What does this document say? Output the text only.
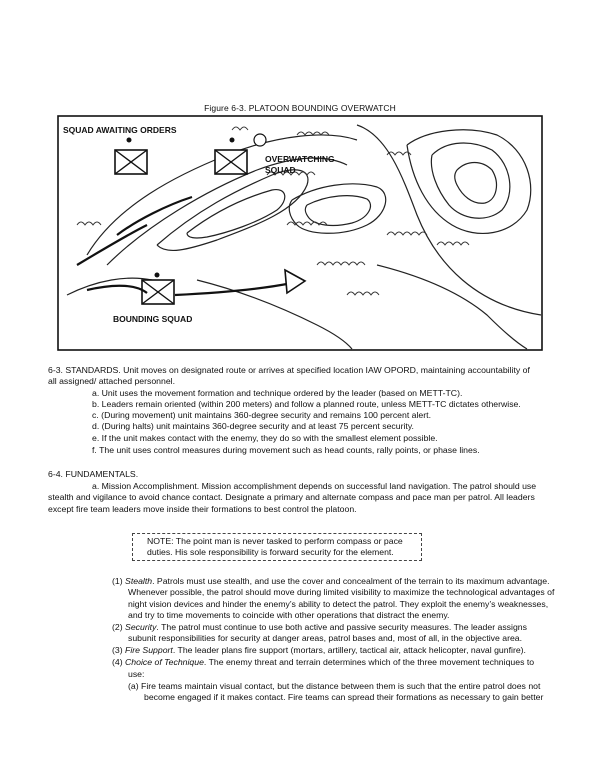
Figure 6-3. PLATOON BOUNDING OVERWATCH
SQUAD AWAITING ORDERS
OVERWATCHING
SQUAD
BOUNDING SQUAD
6-3. STANDARDS. Unit moves on designated route or arrives at specified location IAW OPORD, maintaining accountability of
all assigned/ attached personnel.
a. Unit uses the movement formation and technique ordered by the leader (based on METT-TC).
b. Leaders remain oriented (within 200 meters) and follow a planned route, unless METT-TC dictates otherwise.
c. (During movement) unit maintains 360-degree security and remains 100 percent alert.
d. (During halts) unit maintains 360-degree security and at least 75 percent security.
e. If the unit makes contact with the enemy, they do so with the smallest element possible.
f. The unit uses control measures during movement such as head counts, rally points, or phase lines.
6-4. FUNDAMENTALS.
a. Mission Accomplishment. Mission accomplishment depends on successful land navigation. The patrol should use
stealth and vigilance to avoid chance contact. Designate a primary and alternate compass and pace man per patrol. All leaders
except fire team leaders move inside their formations to best control the platoon.
NOTE: The point man is never tasked to perform compass or pace
duties. His sole responsibility is forward security for the element.
(1) Stealth. Patrols must use stealth, and use the cover and concealment of the terrain to its maximum advantage.
Whenever possible, the patrol should move during limited visibility to maximize the technological advantages of
night vision devices and hinder the enemy’s ability to detect the patrol. They exploit the enemy’s weaknesses,
and try to time movements to coincide with other operations that distract the enemy.
(2) Security. The patrol must continue to use both active and passive security measures. The leader assigns
subunit responsibilities for security at danger areas, patrol bases and, most of all, in the objective area.
(3) Fire Support. The leader plans fire support (mortars, artillery, tactical air, attack helicopter, naval gunfire).
(4) Choice of Technique. The enemy threat and terrain determines which of the three movement techniques to
use:
(a) Fire teams maintain visual contact, but the distance between them is such that the entire patrol does not
become engaged if it makes contact. Fire teams can spread their formations as necessary to gain better
